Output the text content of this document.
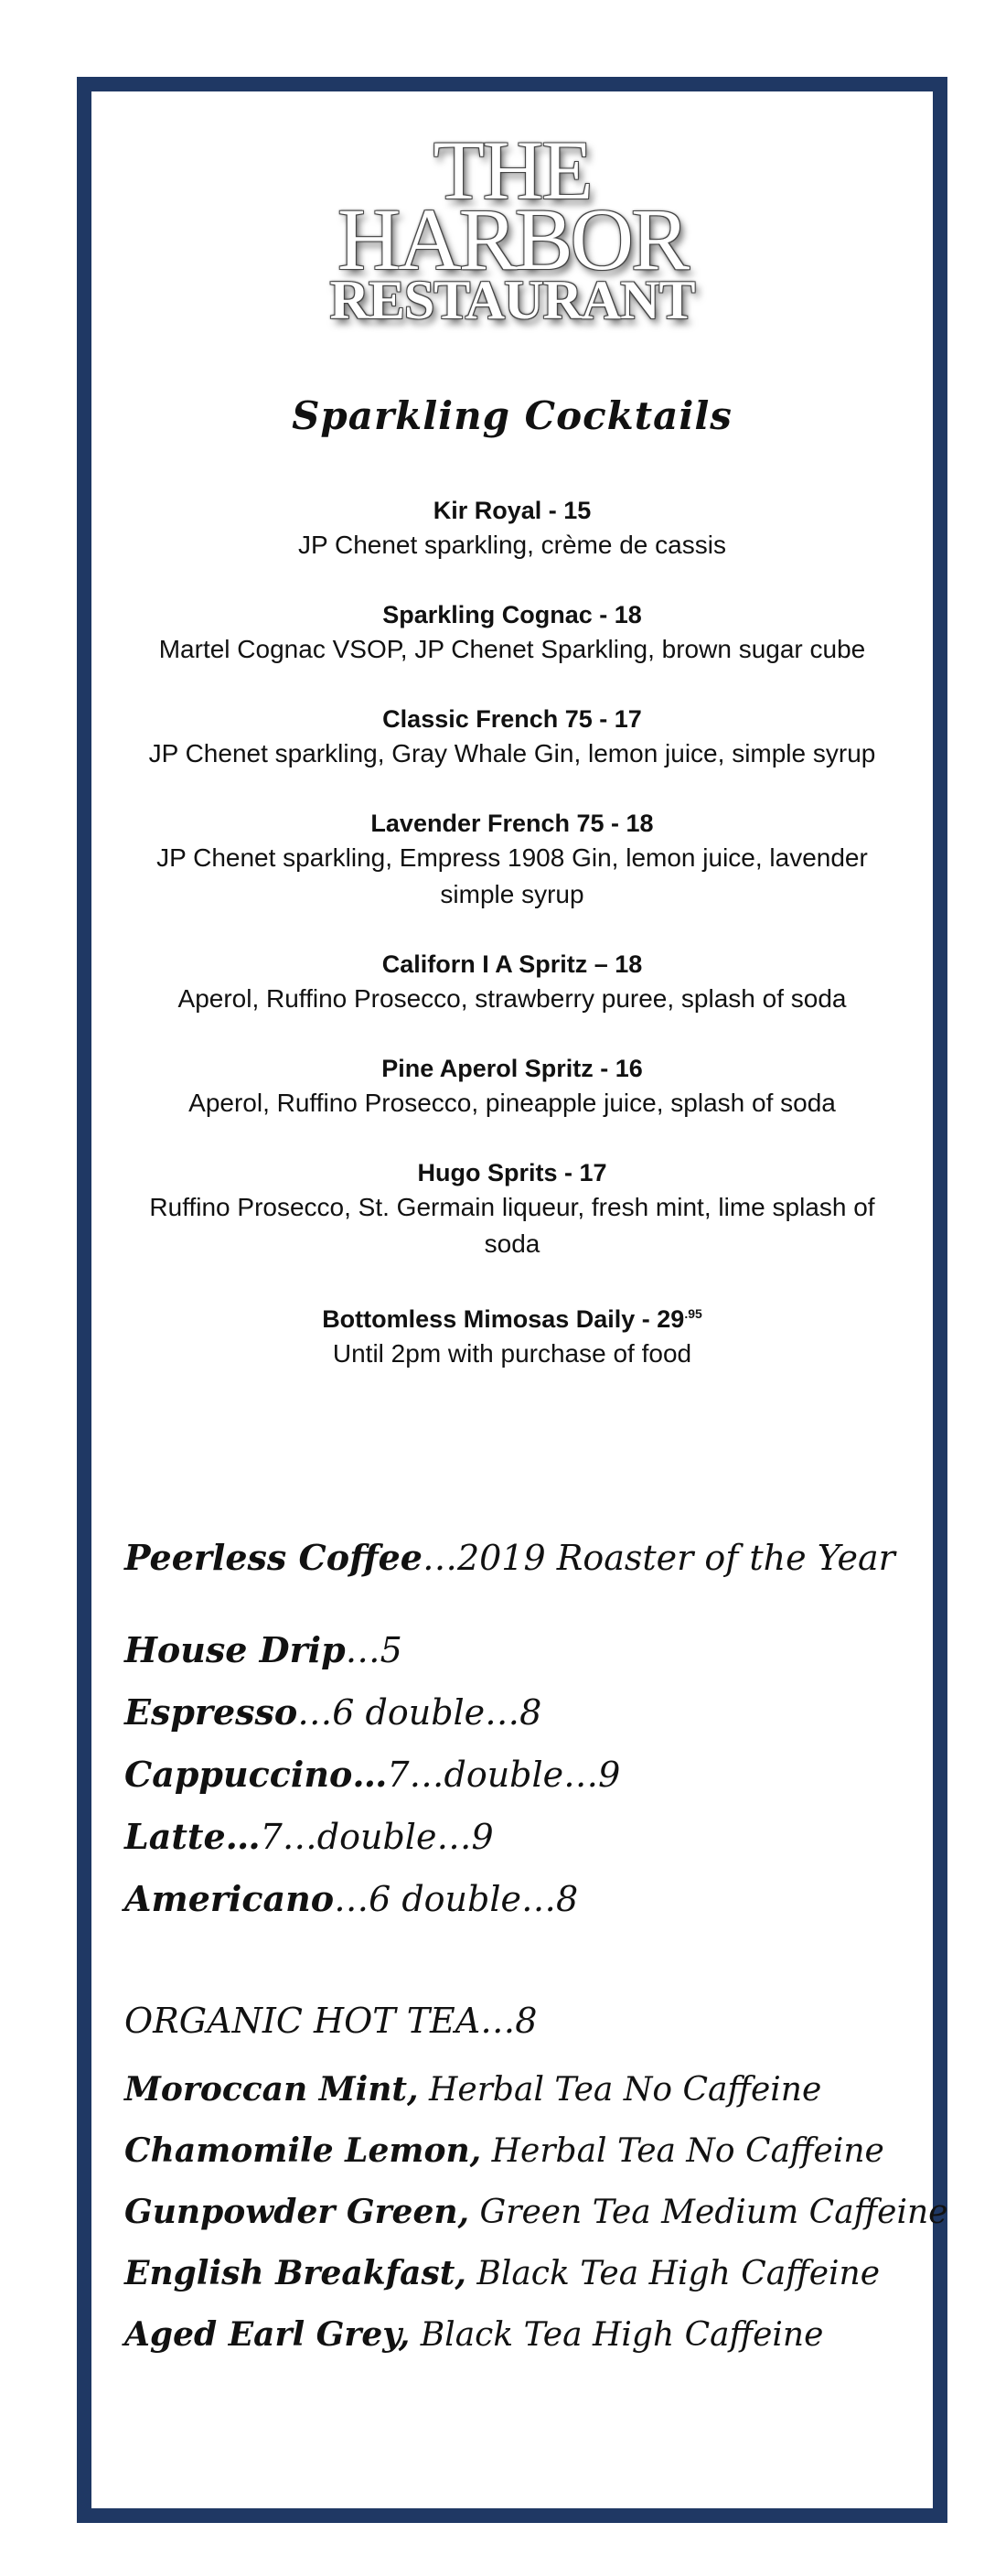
THE
HARBOR
RESTAURANT
Sparkling Cocktails
Kir Royal - 15
JP Chenet sparkling, crème de cassis
Sparkling Cognac - 18
Martel Cognac VSOP, JP Chenet Sparkling, brown sugar cube
Classic French 75 - 17
JP Chenet sparkling, Gray Whale Gin, lemon juice, simple syrup
Lavender French 75 - 18
JP Chenet sparkling, Empress 1908 Gin, lemon juice, lavender simple syrup
Californ I A Spritz – 18
Aperol, Ruffino Prosecco, strawberry puree, splash of soda
Pine Aperol Spritz - 16
Aperol, Ruffino Prosecco, pineapple juice, splash of soda
Hugo Sprits - 17
Ruffino Prosecco, St. Germain liqueur, fresh mint, lime splash of soda
Bottomless Mimosas Daily - $29^{.95}$
Until 2pm with purchase of food
Peerless Coffee…2019 Roaster of the Year
House Drip…5
Espresso…6 double…8
Cappuccino…7…double…9
Latte…7…double…9
Americano…6 double…8
ORGANIC HOT TEA…8
Moroccan Mint, Herbal Tea No Caffeine
Chamomile Lemon, Herbal Tea No Caffeine
Gunpowder Green, Green Tea Medium Caffeine
English Breakfast, Black Tea High Caffeine
Aged Earl Grey, Black Tea High Caffeine
